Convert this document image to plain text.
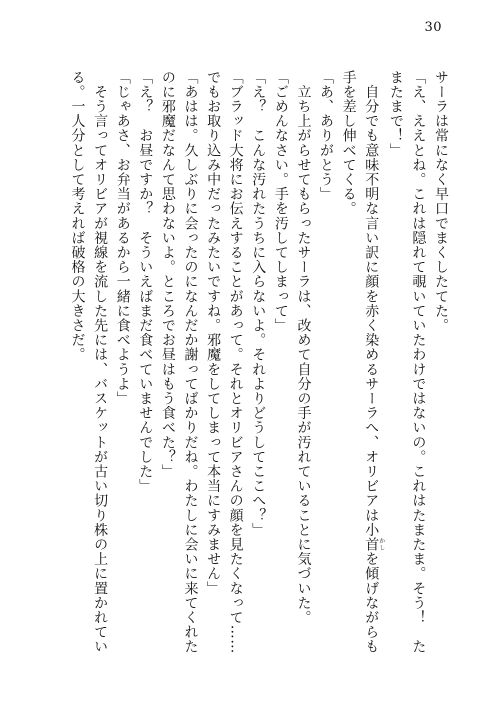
30
サーラは常になく早口でまくしたてた。
「え、ええとね。これは隠れて覗いていたわけではないの。これはたまたま。そう！　た
またまで！」
　自分でも意味不明な言い訳に顔を赤く染めるサーラへ、オリビアは小首かしを傾げながらも
手を差し伸べてくる。
「あ、ありがとう」
　立ち上がらせてもらったサーラは、改めて自分の手が汚れていることに気づいた。
「ごめんなさい。手を汚してしまって」
「え？　こんな汚れたうちに入らないよ。それよりどうしてここへ？」
「ブラッド大将にお伝えすることがあって。それとオリビアさんの顔を見たくなって……
でもお取り込み中だったみたいですね。邪魔をしてしまって本当にすみません」
「あはは。久しぶりに会ったのになんだか謝ってばかりだね。わたしに会いに来てくれた
のに邪魔だなんて思わないよ。ところでお昼はもう食べた？」
「え？　お昼ですか？　そういえばまだ食べていませんでした」
「じゃあさ、お弁当があるから一緒に食べようよ」
　そう言ってオリビアが視線を流した先には、バスケットが古い切り株の上に置かれてい
る。一人分として考えれば破格の大きさだ。
